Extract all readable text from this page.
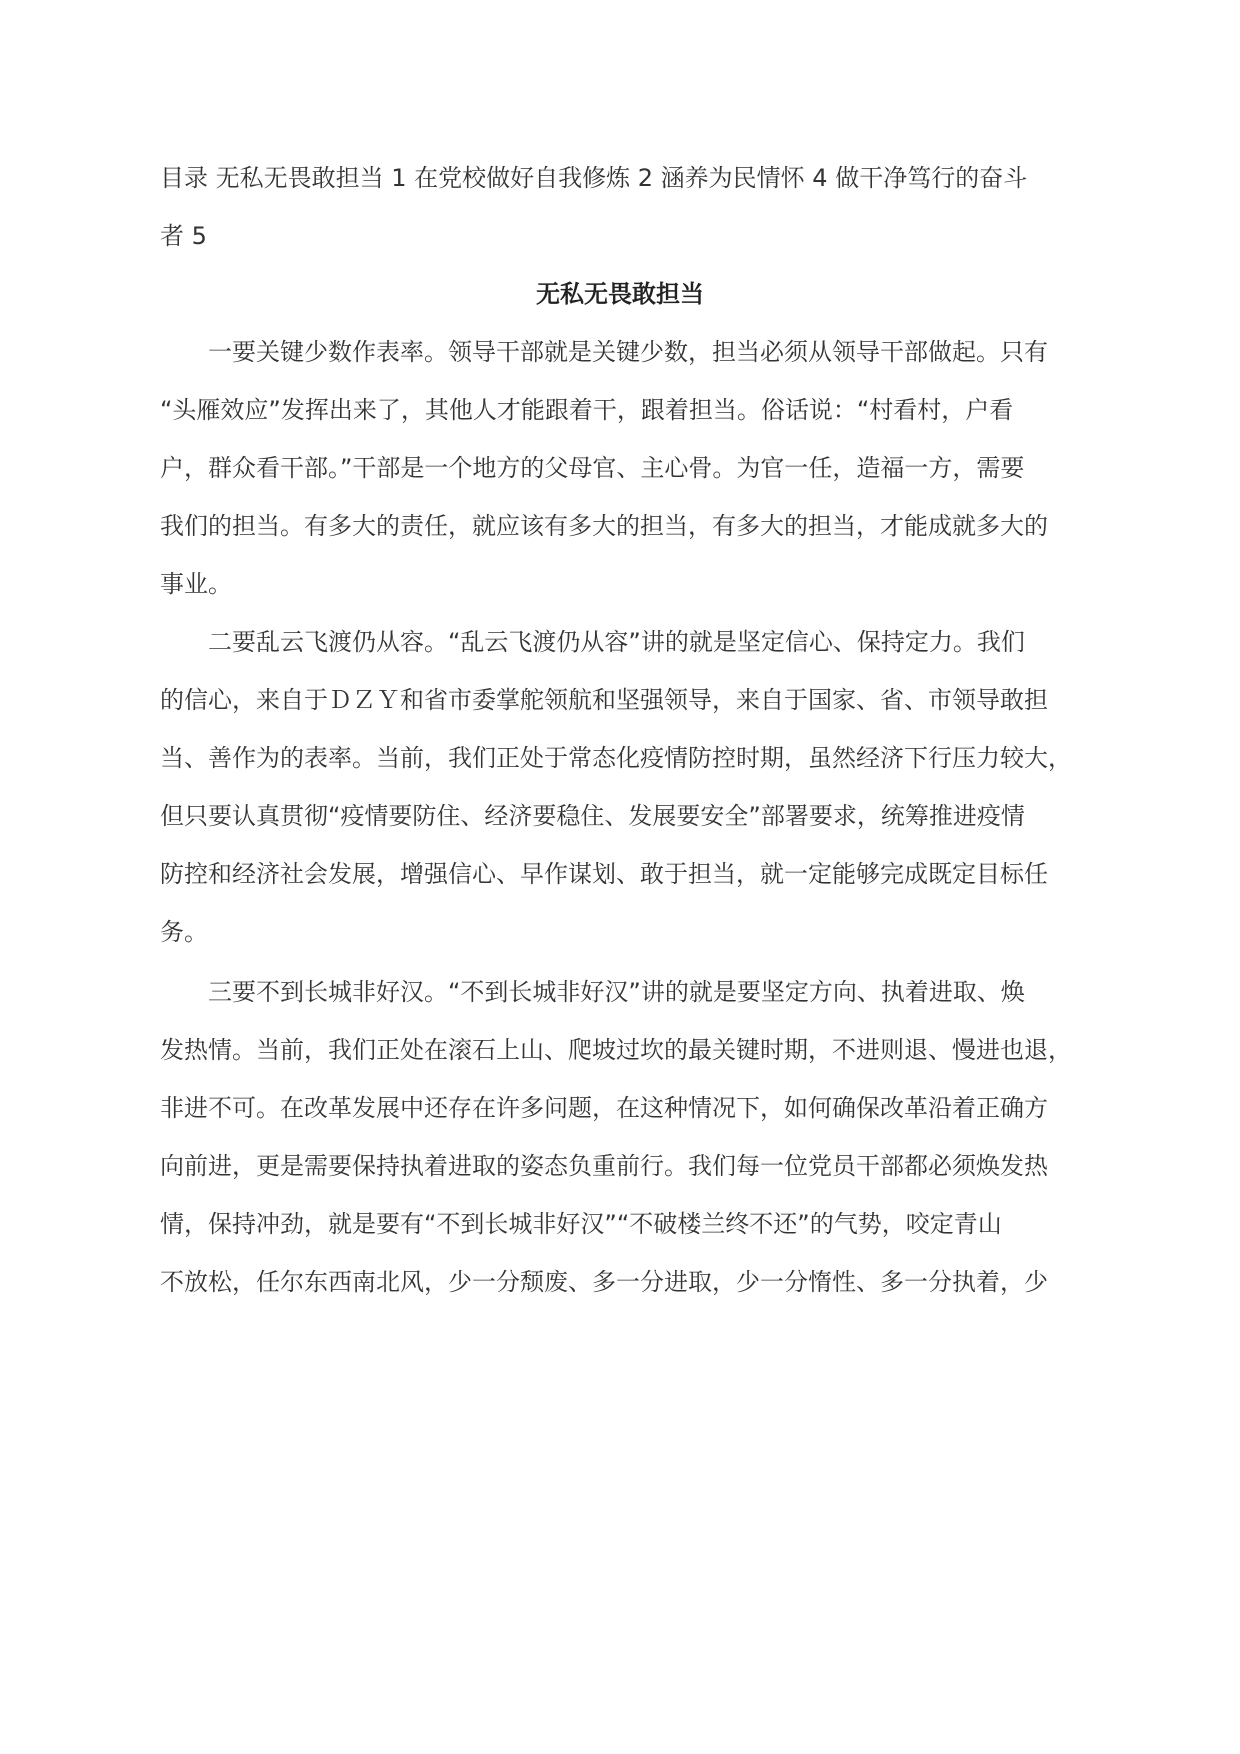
目录 无私无畏敢担当 1 在党校做好自我修炼 2 涵养为民情怀 4 做干净笃行的奋斗
者 5
无私无畏敢担当
一要关键少数作表率。领导干部就是关键少数，担当必须从领导干部做起。只有
“头雁效应”发挥出来了，其他人才能跟着干，跟着担当。俗话说：“村看村，户看
户，群众看干部。”干部是一个地方的父母官、主心骨。为官一任，造福一方，需要
我们的担当。有多大的责任，就应该有多大的担当，有多大的担当，才能成就多大的
事业。
二要乱云飞渡仍从容。“乱云飞渡仍从容”讲的就是坚定信心、保持定力。我们
的信心，来自于ＤＺＹ和省市委掌舵领航和坚强领导，来自于国家、省、市领导敢担
当、善作为的表率。当前，我们正处于常态化疫情防控时期，虽然经济下行压力较大，
但只要认真贯彻“疫情要防住、经济要稳住、发展要安全”部署要求，统筹推进疫情
防控和经济社会发展，增强信心、早作谋划、敢于担当，就一定能够完成既定目标任
务。
三要不到长城非好汉。“不到长城非好汉”讲的就是要坚定方向、执着进取、焕
发热情。当前，我们正处在滚石上山、爬坡过坎的最关键时期，不进则退、慢进也退，
非进不可。在改革发展中还存在许多问题，在这种情况下，如何确保改革沿着正确方
向前进，更是需要保持执着进取的姿态负重前行。我们每一位党员干部都必须焕发热
情，保持冲劲，就是要有“不到长城非好汉”“不破楼兰终不还”的气势，咬定青山
不放松，任尔东西南北风，少一分颓废、多一分进取，少一分惰性、多一分执着，少
